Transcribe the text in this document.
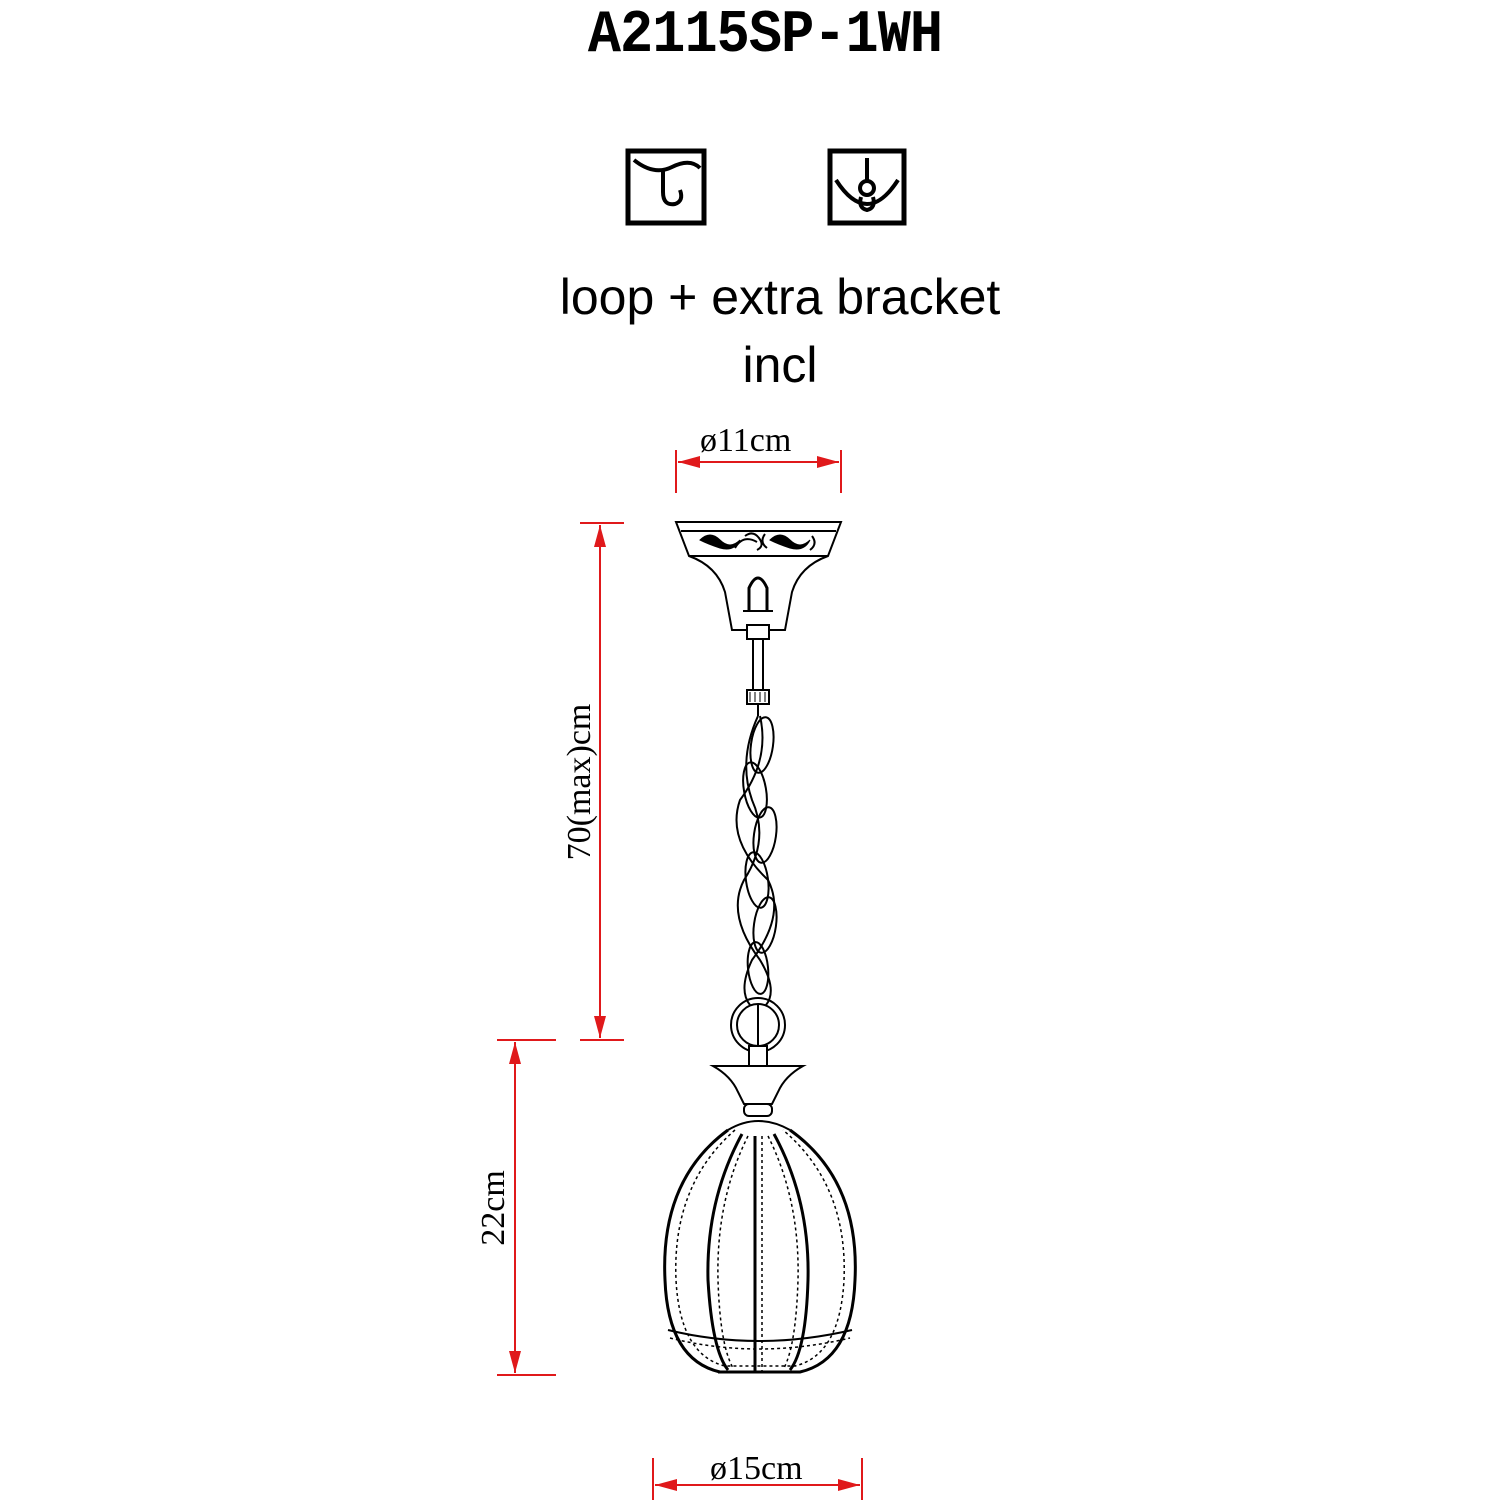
A2115SP-1WH
loop + extra bracket
incl
ø11cm
70(max)cm
22cm
ø15cm
